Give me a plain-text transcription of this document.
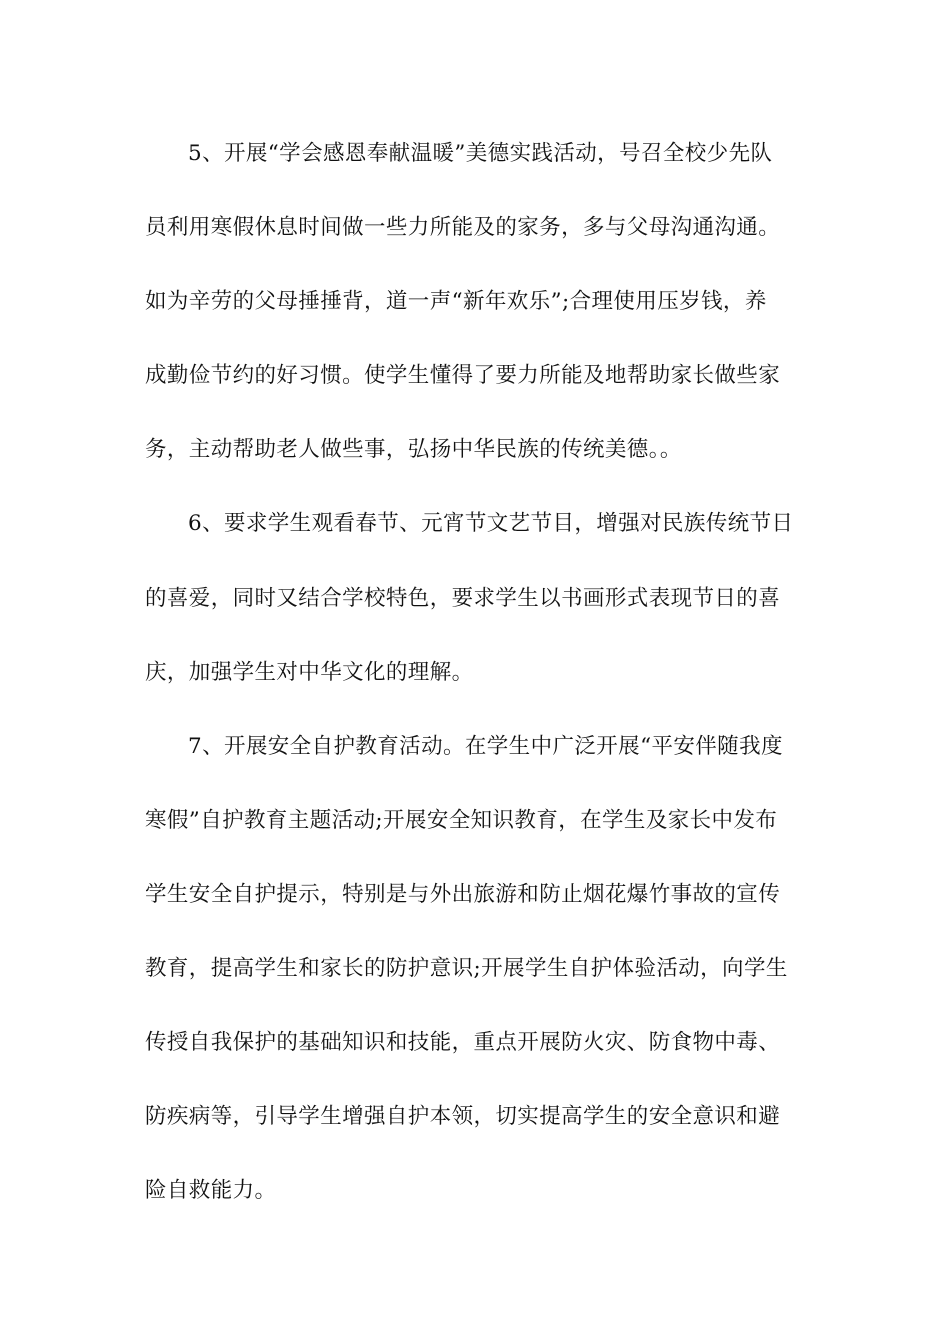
5、开展“学会感恩奉献温暖”美德实践活动，号召全校少先队
员利用寒假休息时间做一些力所能及的家务，多与父母沟通沟通。
如为辛劳的父母捶捶背，道一声“新年欢乐”;合理使用压岁钱，养
成勤俭节约的好习惯。使学生懂得了要力所能及地帮助家长做些家
务，主动帮助老人做些事，弘扬中华民族的传统美德。。
6、要求学生观看春节、元宵节文艺节目，增强对民族传统节日
的喜爱，同时又结合学校特色，要求学生以书画形式表现节日的喜
庆，加强学生对中华文化的理解。
7、开展安全自护教育活动。在学生中广泛开展“平安伴随我度
寒假”自护教育主题活动;开展安全知识教育，在学生及家长中发布
学生安全自护提示，特别是与外出旅游和防止烟花爆竹事故的宣传
教育，提高学生和家长的防护意识;开展学生自护体验活动，向学生
传授自我保护的基础知识和技能，重点开展防火灾、防食物中毒、
防疾病等，引导学生增强自护本领，切实提高学生的安全意识和避
险自救能力。
